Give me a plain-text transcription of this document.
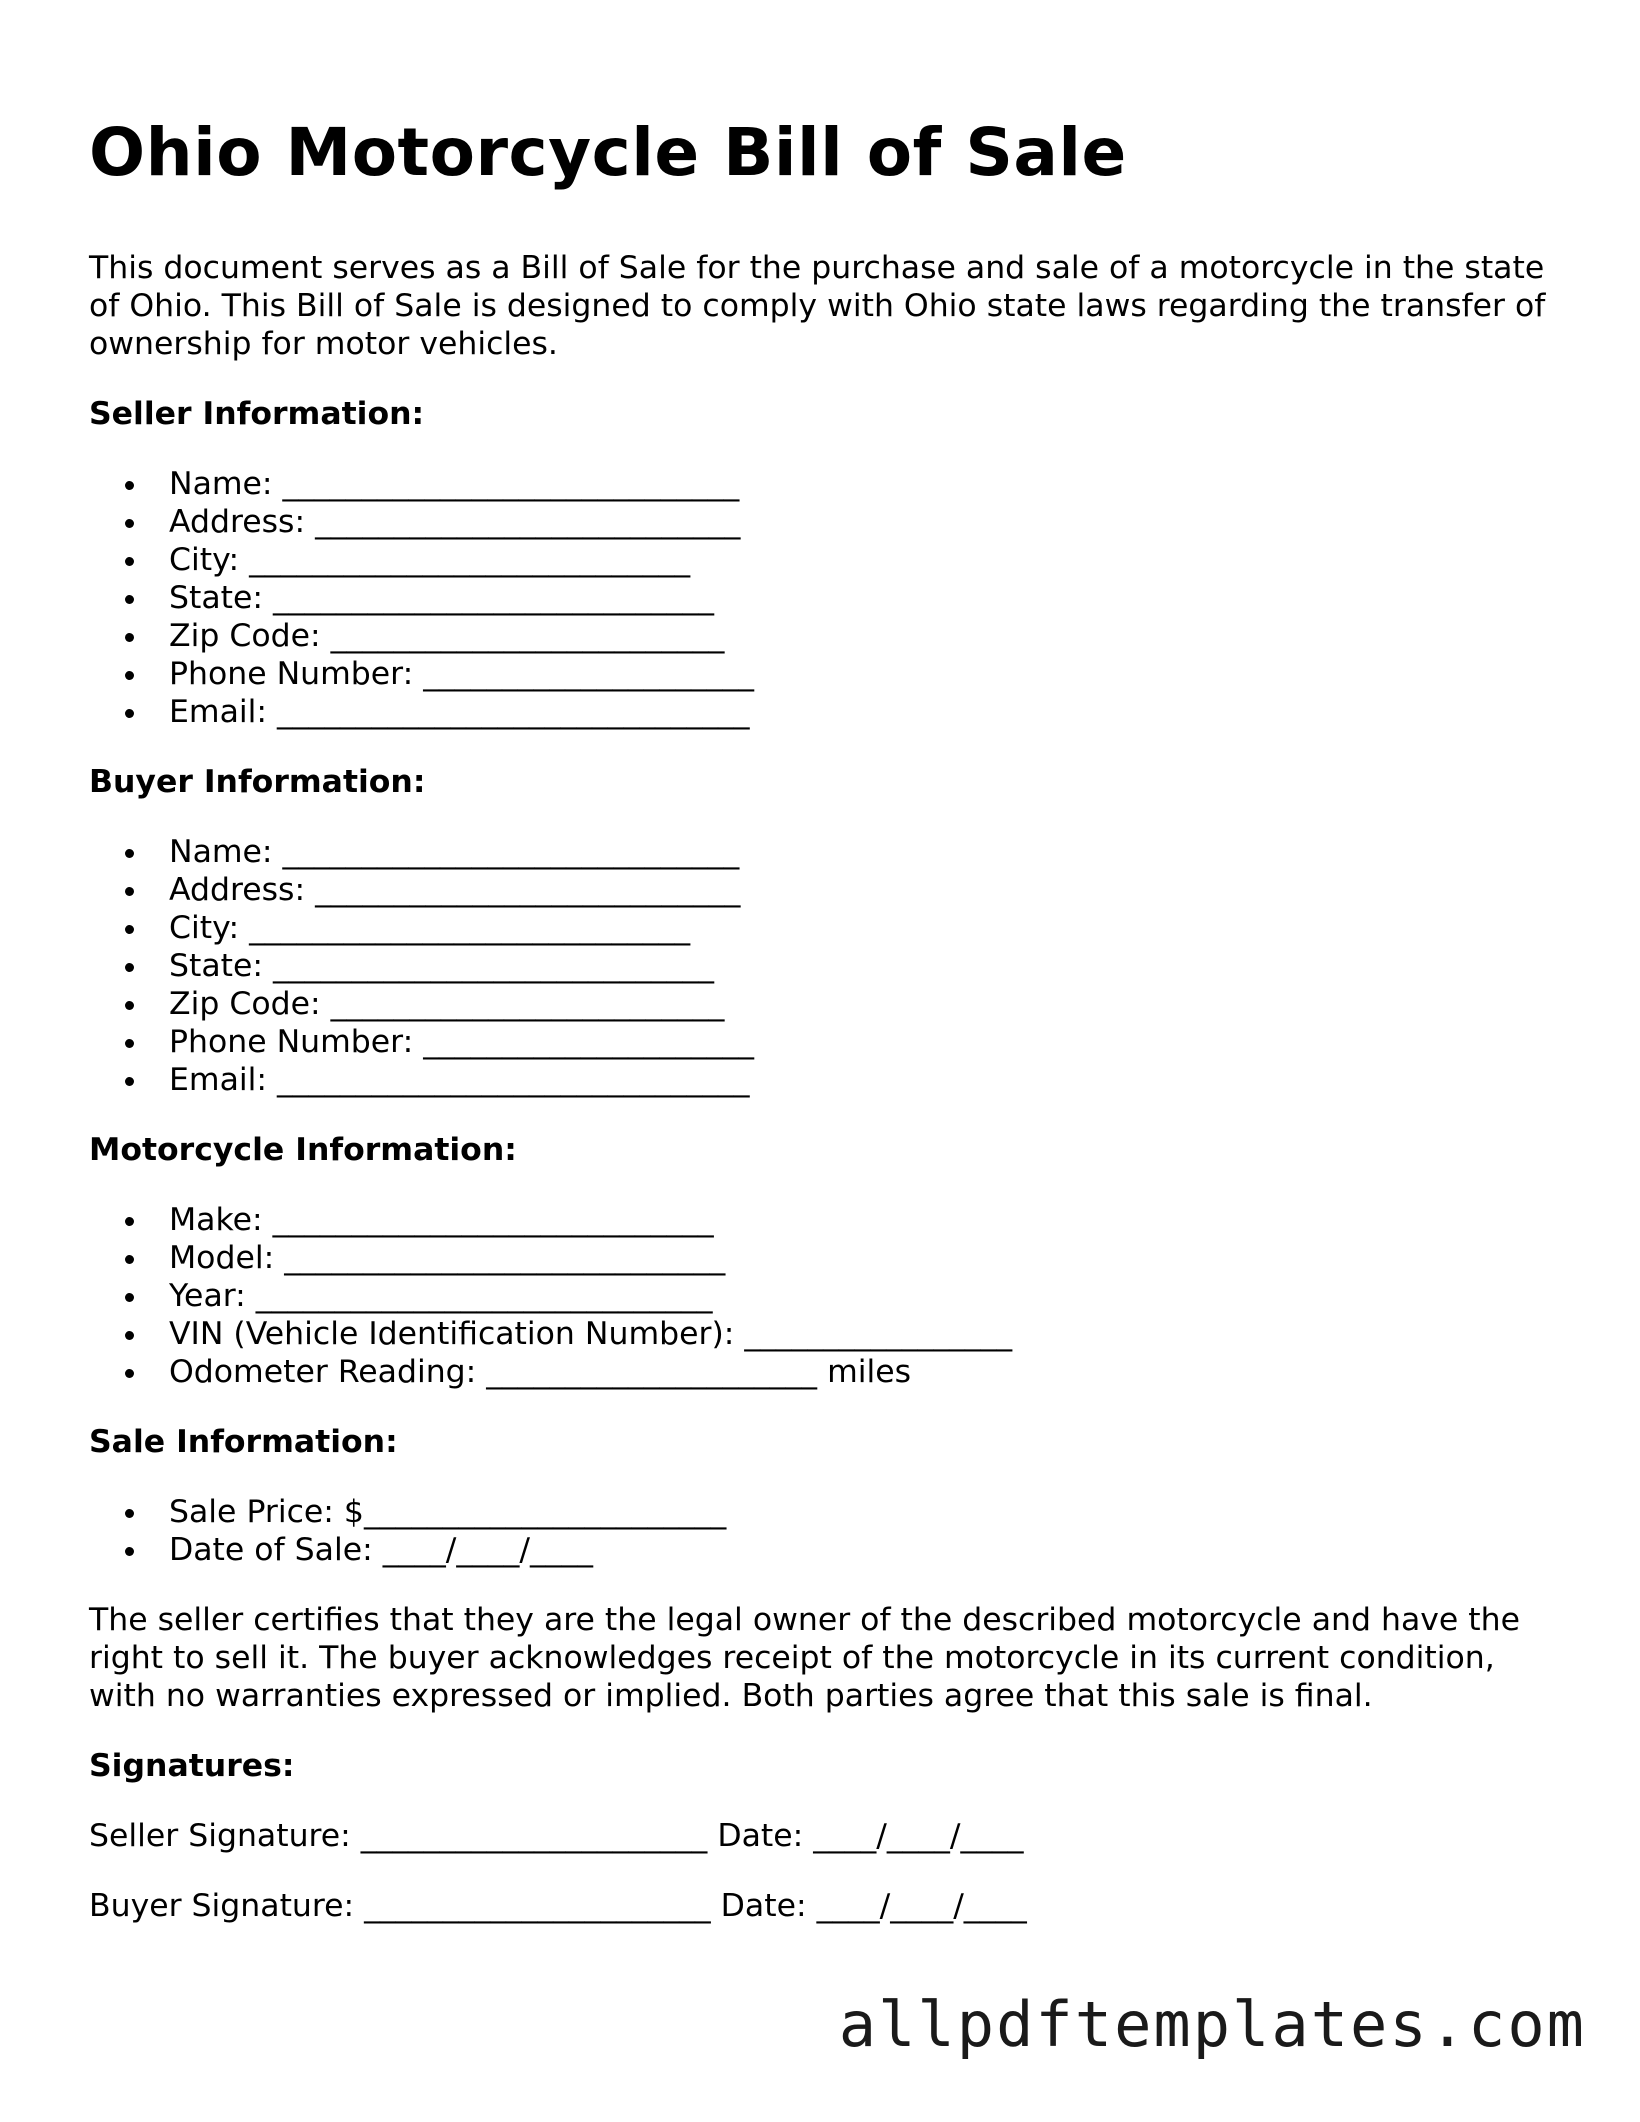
Ohio Motorcycle Bill of Sale

This document serves as a Bill of Sale for the purchase and sale of a motorcycle in the state of Ohio. This Bill of Sale is designed to comply with Ohio state laws regarding the transfer of ownership for motor vehicles.

Seller Information:
Name: _____________________________
Address: ___________________________
City: ____________________________
State: ____________________________
Zip Code: _________________________
Phone Number: _____________________
Email: ______________________________
Buyer Information:
Name: _____________________________
Address: ___________________________
City: ____________________________
State: ____________________________
Zip Code: _________________________
Phone Number: _____________________
Email: ______________________________
Motorcycle Information:
Make: ____________________________
Model: ____________________________
Year: _____________________________
VIN (Vehicle Identification Number): _________________
Odometer Reading: _____________________ miles
Sale Information:
Sale Price: $_______________________
Date of Sale: ____/____/____

The seller certifies that they are the legal owner of the described motorcycle and have the right to sell it. The buyer acknowledges receipt of the motorcycle in its current condition, with no warranties expressed or implied. Both parties agree that this sale is final.

Signatures:

Seller Signature: ______________________ Date: ____/____/____

Buyer Signature: ______________________ Date: ____/____/____

allpdftemplates.com
